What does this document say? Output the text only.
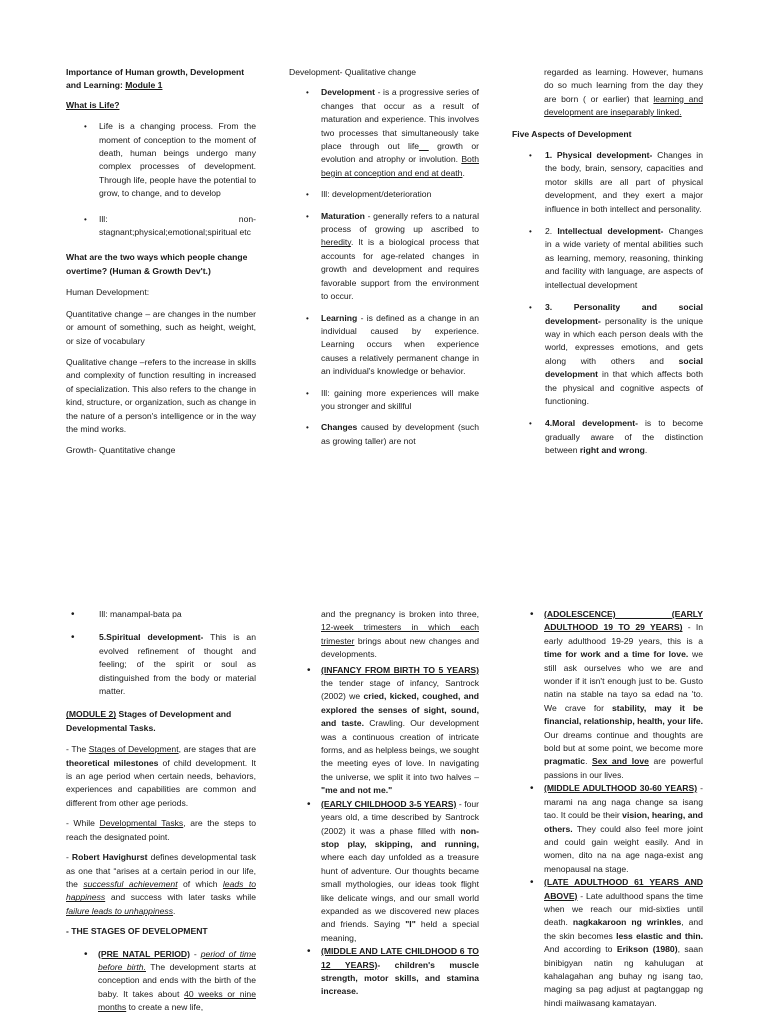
Importance of Human growth, Development
and Learning: Module 1

What is Life?

• Life is a changing process. From the moment of conception to the moment of death, human beings undergo many complex processes of development. Through life, people have the potential to grow, to change, and to develop
• Ill: non-stagnant;physical;emotional;spiritual etc

What are the two ways which people change overtime? (Human & Growth Dev't.)

Human Development:

Quantitative change – are changes in the number or amount of something, such as height, weight, or size of vocabulary

Qualitative change –refers to the increase in skills and complexity of function resulting in increased of specialization. This also refers to the change in kind, structure, or organization, such as change in the nature of a person's intelligence or in the way the mind works.

Growth- Quantitative change

Development- Qualitative change

• Development - is a progressive series of changes that occur as a result of maturation and experience. This involves two processes that simultaneously take place through out life__ growth or evolution and atrophy or involution. Both begin at conception and end at death.
• Ill: development/deterioration
• Maturation - generally refers to a natural process of growing up ascribed to heredity. It is a biological process that accounts for age-related changes in growth and development and requires favorable support from the environment to occur.
• Learning - is defined as a change in an individual caused by experience. Learning occurs when experience causes a relatively permanent change in an individual's knowledge or behavior.
• Ill: gaining more experiences will make you stronger and skillful
• Changes caused by development (such as growing taller) are not

regarded as learning. However, humans do so much learning from the day they are born ( or earlier) that learning and development are inseparably linked.

Five Aspects of Development

• 1. Physical development- Changes in the body, brain, sensory, capacities and motor skills are all part of physical development, and they exert a major influence in both intellect and personality.
• 2. Intellectual development- Changes in a wide variety of mental abilities such as learning, memory, reasoning, thinking and facility with language, are aspects of intellectual development
• 3. Personality and social development- personality is the unique way in which each person deals with the world, expresses emotions, and gets along with others and social development in that which affects both the physical and cognitive aspects of functioning.
• 4.Moral development- is to become gradually aware of the distinction between right and wrong.
• Ill: manampal-bata pa
• 5.Spiritual development- This is an evolved refinement of thought and feeling; of the spirit or soul as distinguished from the body or material matter.

(MODULE 2) Stages of Development and Developmental Tasks.

- The Stages of Development, are stages that are theoretical milestones of child development. It is an age period when certain needs, behaviors, experiences and capabilities are common and different from other age periods.

- While Developmental Tasks, are the steps to reach the designated point.

- Robert Havighurst defines developmental task as one that “arises at a certain period in our life, the successful achievement of which leads to happiness and success with later tasks while failure leads to unhappiness.

- THE STAGES OF DEVELOPMENT

• (PRE NATAL PERIOD) - period of time before birth. The development starts at conception and ends with the birth of the baby. It takes about 40 weeks or nine months to create a new life,

and the pregnancy is broken into three, 12-week trimesters in which each trimester brings about new changes and developments.

• (INFANCY FROM BIRTH TO 5 YEARS) the tender stage of infancy, Santrock (2002) we cried, kicked, coughed, and explored the senses of sight, sound, and taste. Crawling. Our development was a continuous creation of intricate forms, and as helpless beings, we sought the meeting eyes of love. In navigating the universe, we split it into two halves – "me and not me."
• (EARLY CHILDHOOD 3-5 YEARS) - four years old, a time described by Santrock (2002) it was a phase filled with non-stop play, skipping, and running, where each day unfolded as a treasure hunt of adventure. Our thoughts became small mythologies, our ideas took flight like delicate wings, and our small world expanded as we discovered new places and friends. Saying "I" held a special meaning,
• (MIDDLE AND LATE CHILDHOOD 6 TO 12 YEARS)- children's muscle strength, motor skills, and stamina increase.
• (ADOLESCENCE) (EARLY ADULTHOOD 19 TO 29 YEARS) - In early adulthood 19-29 years, this is a time for work and a time for love. we still ask ourselves who we are and wonder if it isn't enough just to be. Gusto natin na stable na tayo sa edad na 'to. We crave for stability, may it be financial, relationship, health, your life. Our dreams continue and thoughts are bold but at some point, we become more pragmatic. Sex and love are powerful passions in our lives.
• (MIDDLE ADULTHOOD 30-60 YEARS) - marami na ang naga change sa isang tao. It could be their vision, hearing, and others. They could also feel more joint and could gain weight easily. And in women, dito na na age naga-exist ang menopausal na stage.
• (LATE ADULTHOOD 61 YEARS AND ABOVE) - Late adulthood spans the time when we reach our mid-sixties until death. nagkakaroon ng wrinkles, and the skin becomes less elastic and thin. And according to Erikson (1980), saan binibigyan natin ng kahulugan at kahalagahan ang buhay ng isang tao, maging sa pag adjust at pagtanggap ng hindi maiiwasang kamatayan.
